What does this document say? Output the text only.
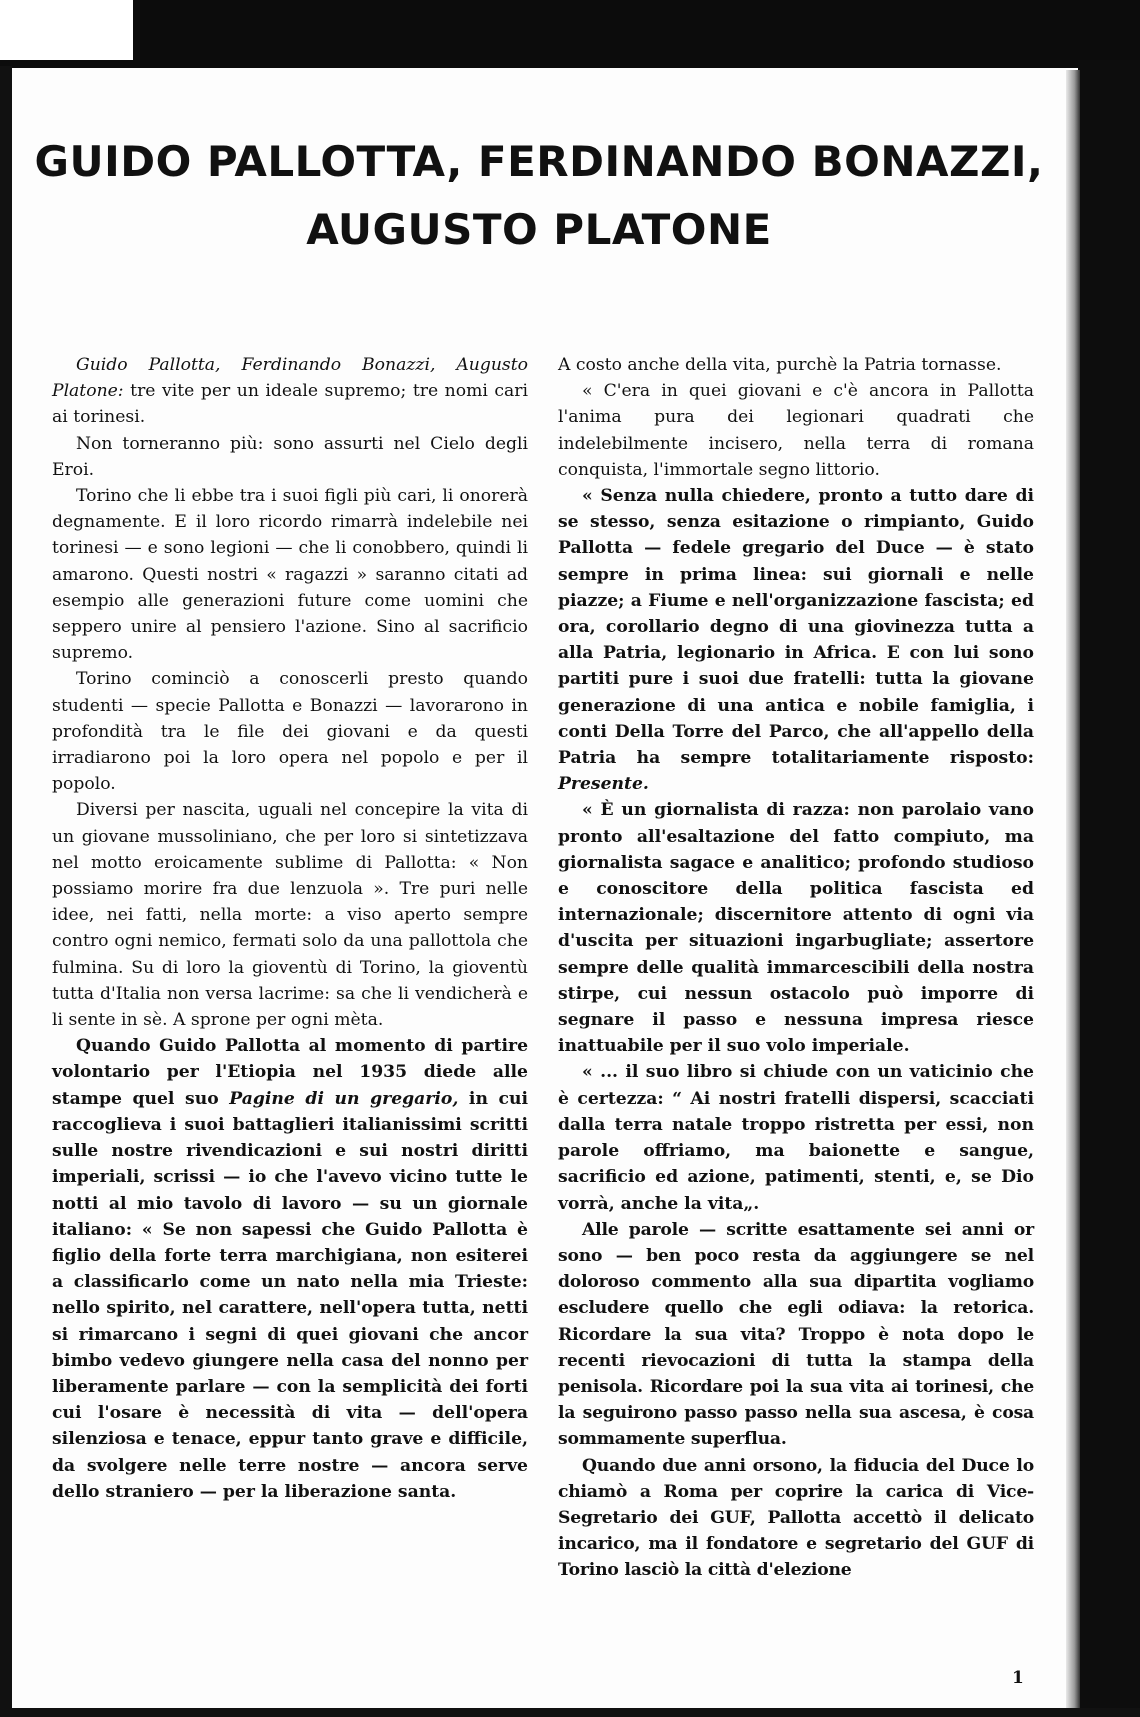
GUIDO PALLOTTA, FERDINANDO BONAZZI,
AUGUSTO PLATONE

Guido Pallotta, Ferdinando Bonazzi, Augusto Platone: tre vite per un ideale supremo; tre nomi cari ai torinesi.

Non torneranno più: sono assurti nel Cielo degli Eroi.

Torino che li ebbe tra i suoi figli più cari, li onorerà degnamente. E il loro ricordo rimarrà indelebile nei torinesi — e sono legioni — che li conobbero, quindi li amarono. Questi nostri « ragazzi » saranno citati ad esempio alle generazioni future come uomini che seppero unire al pensiero l'azione. Sino al sacrificio supremo.

Torino cominciò a conoscerli presto quando studenti — specie Pallotta e Bonazzi — lavorarono in profondità tra le file dei giovani e da questi irradiarono poi la loro opera nel popolo e per il popolo.

Diversi per nascita, uguali nel concepire la vita di un giovane mussoliniano, che per loro si sintetizzava nel motto eroicamente sublime di Pallotta: « Non possiamo morire fra due lenzuola ». Tre puri nelle idee, nei fatti, nella morte: a viso aperto sempre contro ogni nemico, fermati solo da una pallottola che fulmina. Su di loro la gioventù di Torino, la gioventù tutta d'Italia non versa lacrime: sa che li vendicherà e li sente in sè. A sprone per ogni mèta.

Quando Guido Pallotta al momento di partire volontario per l'Etiopia nel 1935 diede alle stampe quel suo Pagine di un gregario, in cui raccoglieva i suoi battaglieri italianissimi scritti sulle nostre rivendicazioni e sui nostri diritti imperiali, scrissi — io che l'avevo vicino tutte le notti al mio tavolo di lavoro — su un giornale italiano: « Se non sapessi che Guido Pallotta è figlio della forte terra marchigiana, non esiterei a classificarlo come un nato nella mia Trieste: nello spirito, nel carattere, nell'opera tutta, netti si rimarcano i segni di quei giovani che ancor bimbo vedevo giungere nella casa del nonno per liberamente parlare — con la semplicità dei forti cui l'osare è necessità di vita — dell'opera silenziosa e tenace, eppur tanto grave e difficile, da svolgere nelle terre nostre — ancora serve dello straniero — per la liberazione santa.

A costo anche della vita, purchè la Patria tornasse.

« C'era in quei giovani e c'è ancora in Pallotta l'anima pura dei legionari quadrati che indelebilmente incisero, nella terra di romana conquista, l'immortale segno littorio.

« Senza nulla chiedere, pronto a tutto dare di se stesso, senza esitazione o rimpianto, Guido Pallotta — fedele gregario del Duce — è stato sempre in prima linea: sui giornali e nelle piazze; a Fiume e nell'organizzazione fascista; ed ora, corollario degno di una giovinezza tutta a alla Patria, legionario in Africa. E con lui sono partiti pure i suoi due fratelli: tutta la giovane generazione di una antica e nobile famiglia, i conti Della Torre del Parco, che all'appello della Patria ha sempre totalitariamente risposto: Presente.

« È un giornalista di razza: non parolaio vano pronto all'esaltazione del fatto compiuto, ma giornalista sagace e analitico; profondo studioso e conoscitore della politica fascista ed internazionale; discernitore attento di ogni via d'uscita per situazioni ingarbugliate; assertore sempre delle qualità immarcescibili della nostra stirpe, cui nessun ostacolo può imporre di segnare il passo e nessuna impresa riesce inattuabile per il suo volo imperiale.

« ... il suo libro si chiude con un vaticinio che è certezza: “ Ai nostri fratelli dispersi, scacciati dalla terra natale troppo ristretta per essi, non parole offriamo, ma baionette e sangue, sacrificio ed azione, patimenti, stenti, e, se Dio vorrà, anche la vita„.

Alle parole — scritte esattamente sei anni or sono — ben poco resta da aggiungere se nel doloroso commento alla sua dipartita vogliamo escludere quello che egli odiava: la retorica. Ricordare la sua vita? Troppo è nota dopo le recenti rievocazioni di tutta la stampa della penisola. Ricordare poi la sua vita ai torinesi, che la seguirono passo passo nella sua ascesa, è cosa sommamente superflua.

Quando due anni orsono, la fiducia del Duce lo chiamò a Roma per coprire la carica di Vice-Segretario dei GUF, Pallotta accettò il delicato incarico, ma il fondatore e segretario del GUF di Torino lasciò la città d'elezione

1
